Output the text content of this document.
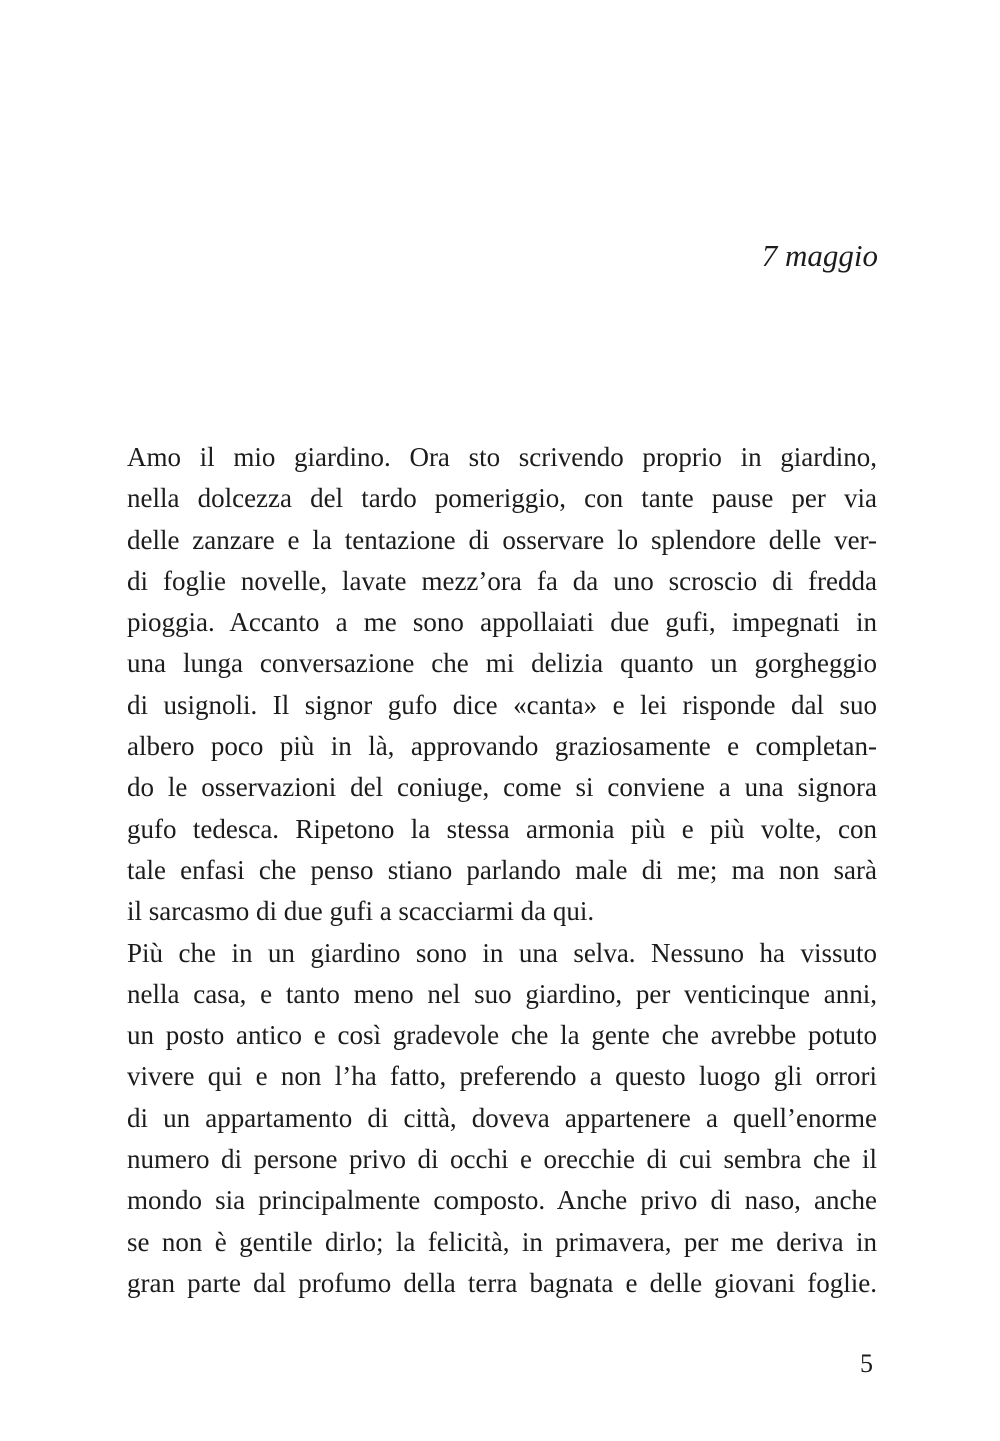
7 maggio
Amo il mio giardino. Ora sto scrivendo proprio in giardino,
nella dolcezza del tardo pomeriggio, con tante pause per via
delle zanzare e la tentazione di osservare lo splendore delle ver-
di foglie novelle, lavate mezz’ora fa da uno scroscio di fredda
pioggia. Accanto a me sono appollaiati due gufi, impegnati in
una lunga conversazione che mi delizia quanto un gorgheggio
di usignoli. Il signor gufo dice «canta» e lei risponde dal suo
albero poco più in là, approvando graziosamente e completan-
do le osservazioni del coniuge, come si conviene a una signora
gufo tedesca. Ripetono la stessa armonia più e più volte, con
tale enfasi che penso stiano parlando male di me; ma non sarà
il sarcasmo di due gufi a scacciarmi da qui.
Più che in un giardino sono in una selva. Nessuno ha vissuto
nella casa, e tanto meno nel suo giardino, per venticinque anni,
un posto antico e così gradevole che la gente che avrebbe potuto
vivere qui e non l’ha fatto, preferendo a questo luogo gli orrori
di un appartamento di città, doveva appartenere a quell’enorme
numero di persone privo di occhi e orecchie di cui sembra che il
mondo sia principalmente composto. Anche privo di naso, anche
se non è gentile dirlo; la felicità, in primavera, per me deriva in
gran parte dal profumo della terra bagnata e delle giovani foglie.
5
